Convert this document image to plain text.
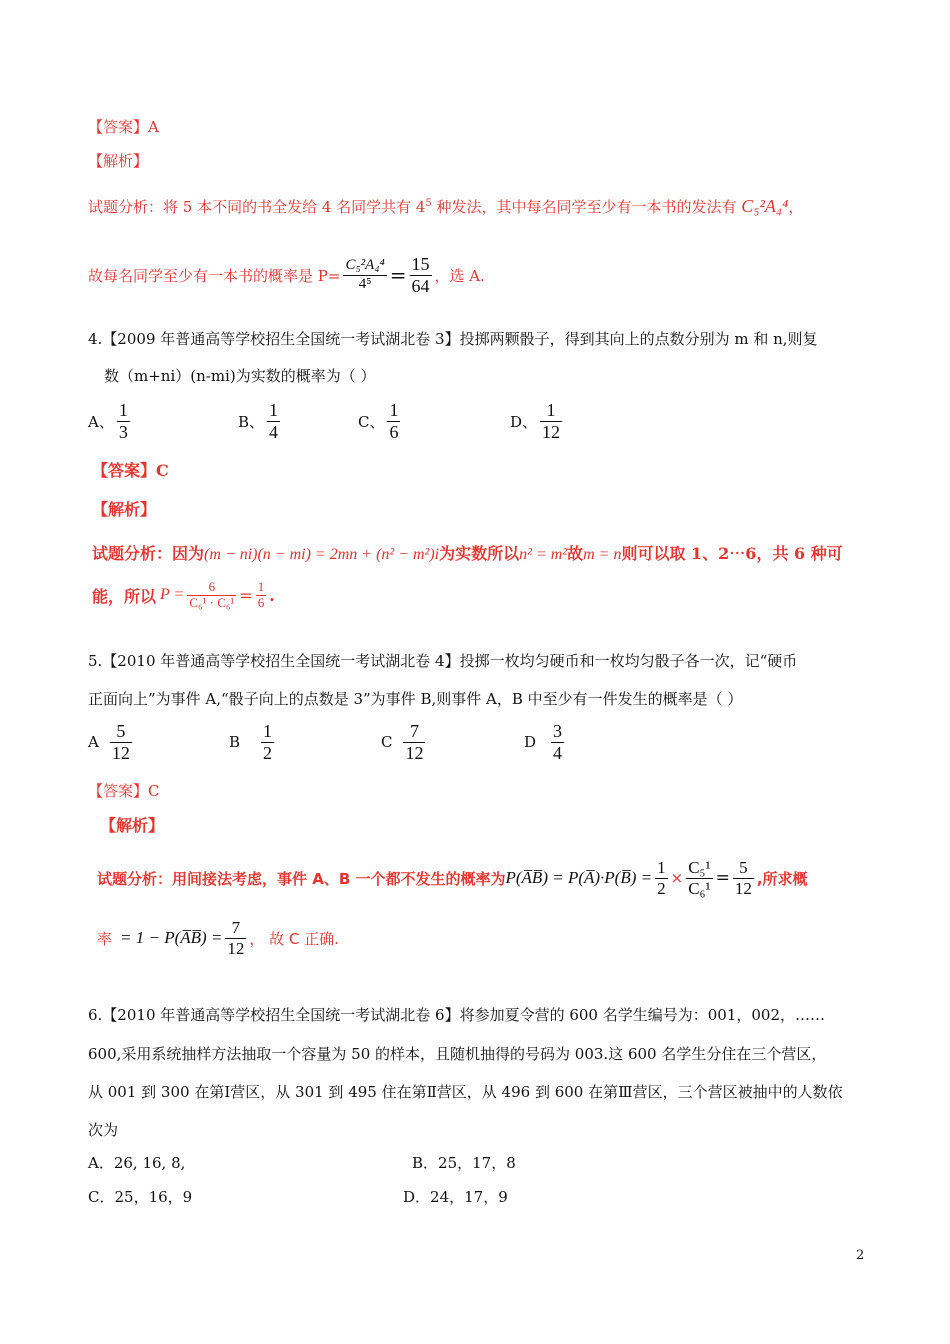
【答案】A
【解析】
试题分析：将 5 本不同的书全发给 4 名同学共有 $4^5$ 种发法，其中每名同学至少有一本书的发法有 C₅²A₄⁴，
故每名同学至少有一本书的概率是 $P= \frac{\text{C₅²A₄⁴}}{\text{4⁵}} = \frac{15}{64}$ ，选 A.
4.【2009 年普通高等学校招生全国统一考试湖北卷 3】投掷两颗骰子，得到其向上的点数分别为 m 和 n,则复
数（m+ni）(n-mi)为实数的概率为（ ）
A、 $\frac{1}{3}$	B、 $\frac{1}{4}$	C、 $\frac{1}{6}$	D、 $\frac{1}{12}$
【答案】C
【解析】
试题分析：因为(m − ni)(n − mi) = 2mn + (n² − m²)i为实数所以n² = m²故m = n则可以取 1、2⋯6，共 6 种可
能，所以 $P = \frac{6}{\text{C₆¹ · C₆¹}} = \frac{1}{6}$ .
5.【2010 年普通高等学校招生全国统一考试湖北卷 4】投掷一枚均匀硬币和一枚均匀骰子各一次，记“硬币
正面向上”为事件 A,“骰子向上的点数是 3”为事件 B,则事件 A，B 中至少有一件发生的概率是（ ）
A $\frac{5}{12}$	B $\frac{1}{2}$	C $\frac{7}{12}$	D $\frac{3}{4}$
【答案】C
【解析】
试题分析：用间接法考虑，事件 A、B 一个都不发生的概率为 P(A̅B̅) = P(A̅)·P(B̅) = $\frac{1}{2} \times \frac{\text{C₅¹}}{\text{C₆¹}} = \frac{5}{12}$ ,所求概
率 = 1 − P(A̅B̅) = $\frac{7}{12}$ ， 故 C 正确.
6.【2010 年普通高等学校招生全国统一考试湖北卷 6】将参加夏令营的 600 名学生编号为：001，002，……
600,采用系统抽样方法抽取一个容量为 50 的样本，且随机抽得的号码为 003.这 600 名学生分住在三个营区，
从 001 到 300 在第Ⅰ营区，从 301 到 495 住在第Ⅱ营区，从 496 到 600 在第Ⅲ营区，三个营区被抽中的人数依
次为
A．26, 16, 8,	B．25，17，8
C．25，16，9	D．24，17，9
2
